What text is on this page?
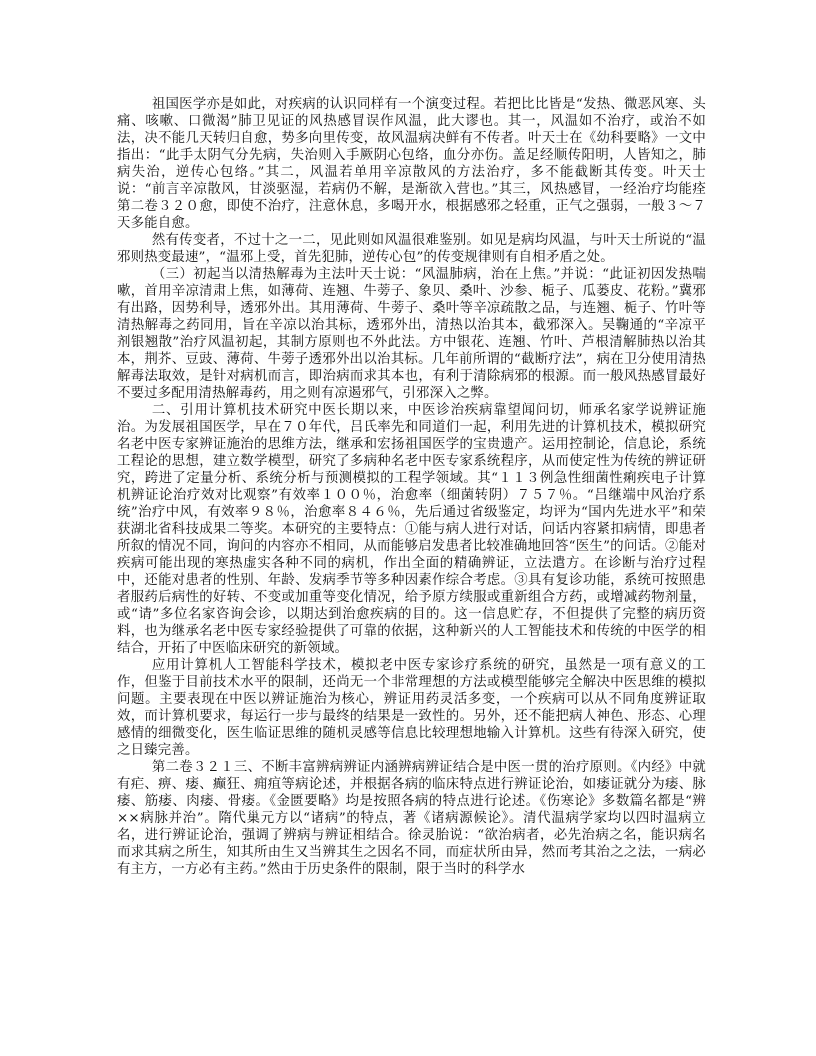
祖国医学亦是如此，对疾病的认识同样有一个演变过程。若把比比皆是“发热、微恶风寒、头痛、咳嗽、口微渴”肺卫见证的风热感冒误作风温，此大谬也。其一，风温如不治疗，或治不如法，决不能几天转归自愈，势多向里传变，故风温病决鲜有不传者。叶天士在《幼科要略》一文中指出：“此手太阴气分先病，失治则入手厥阴心包络，血分亦伤。盖足经顺传阳明，人皆知之，肺病失治，逆传心包络。”其二，风温若单用辛凉散风的方法治疗，多不能截断其传变。叶天士说：“前言辛凉散风，甘淡驱湿，若病仍不解，是渐欲入营也。”其三，风热感冒，一经治疗均能痊第二卷３２０愈，即使不治疗，注意休息，多喝开水，根据感邪之轻重，正气之强弱，一般３～７天多能自愈。

然有传变者，不过十之一二，见此则如风温很难鉴别。如见是病均风温，与叶天士所说的“温邪则热变最速”，“温邪上受，首先犯肺，逆传心包”的传变规律则有自相矛盾之处。

（三）初起当以清热解毒为主法叶天士说：“风温肺病，治在上焦。”并说：“此证初因发热喘嗽，首用辛凉清肃上焦，如薄荷、连翘、牛蒡子、象贝、桑叶、沙参、栀子、瓜蒌皮、花粉。”冀邪有出路，因势利导，透邪外出。其用薄荷、牛蒡子、桑叶等辛凉疏散之品，与连翘、栀子、竹叶等清热解毒之药同用，旨在辛凉以治其标，透邪外出，清热以治其本，截邪深入。吴鞠通的“辛凉平剂银翘散”治疗风温初起，其制方原则也不外此法。方中银花、连翘、竹叶、芦根清解肺热以治其本，荆芥、豆豉、薄荷、牛蒡子透邪外出以治其标。几年前所谓的“截断疗法”，病在卫分使用清热解毒法取效，是针对病机而言，即治病而求其本也，有利于清除病邪的根源。而一般风热感冒最好不要过多配用清热解毒药，用之则有凉遏邪气，引邪深入之弊。

二、引用计算机技术研究中医长期以来，中医诊治疾病靠望闻问切，师承名家学说辨证施治。为发展祖国医学，早在７０年代，吕氏率先和同道们一起，利用先进的计算机技术，模拟研究名老中医专家辨证施治的思维方法，继承和宏扬祖国医学的宝贵遗产。运用控制论，信息论，系统工程论的思想，建立数学模型，研究了多病种名老中医专家系统程序，从而使定性为传统的辨证研究，跨进了定量分析、系统分析与预测模拟的工程学领域。其“１１３例急性细菌性痢疾电子计算机辨证论治疗效对比观察”有效率１００％，治愈率（细菌转阴）７５７％。“吕继端中风治疗系统”治疗中风，有效率９８％，治愈率８４６％，先后通过省级鉴定，均评为“国内先进水平”和荣获湖北省科技成果二等奖。本研究的主要特点：①能与病人进行对话，问话内容紧扣病情，即患者所叙的情况不同，询问的内容亦不相同，从而能够启发患者比较准确地回答“医生”的问话。②能对疾病可能出现的寒热虚实各种不同的病机，作出全面的精确辨证，立法遣方。在诊断与治疗过程中，还能对患者的性别、年龄、发病季节等多种因素作综合考虑。③具有复诊功能，系统可按照患者服药后病性的好转、不变或加重等变化情况，给予原方续服或重新组合方药，或增减药物剂量，或“请”多位名家咨询会诊，以期达到治愈疾病的目的。这一信息贮存，不但提供了完整的病历资料，也为继承名老中医专家经验提供了可靠的依据，这种新兴的人工智能技术和传统的中医学的相结合，开拓了中医临床研究的新领域。

应用计算机人工智能科学技术，模拟老中医专家诊疗系统的研究，虽然是一项有意义的工作，但鉴于目前技术水平的限制，还尚无一个非常理想的方法或模型能够完全解决中医思维的模拟问题。主要表现在中医以辨证施治为核心，辨证用药灵活多变，一个疾病可以从不同角度辨证取效，而计算机要求，每运行一步与最终的结果是一致性的。另外，还不能把病人神色、形态、心理感情的细微变化，医生临证思维的随机灵感等信息比较理想地输入计算机。这些有待深入研究，使之日臻完善。

第二卷３２１三、不断丰富辨病辨证内涵辨病辨证结合是中医一贯的治疗原则。《内经》中就有疟、痹、痿、癫狂、痈疽等病论述，并根据各病的临床特点进行辨证论治，如痿证就分为痿、脉痿、筋痿、肉痿、骨痿。《金匮要略》均是按照各病的特点进行论述。《伤寒论》多数篇名都是“辨××病脉并治”。隋代巢元方以“诸病”的特点，著《诸病源候论》。清代温病学家均以四时温病立名，进行辨证论治，强调了辨病与辨证相结合。徐灵胎说：“欲治病者，必先治病之名，能识病名而求其病之所生，知其所由生又当辨其生之因名不同，而症状所由异，然而考其治之之法，一病必有主方，一方必有主药。”然由于历史条件的限制，限于当时的科学水
